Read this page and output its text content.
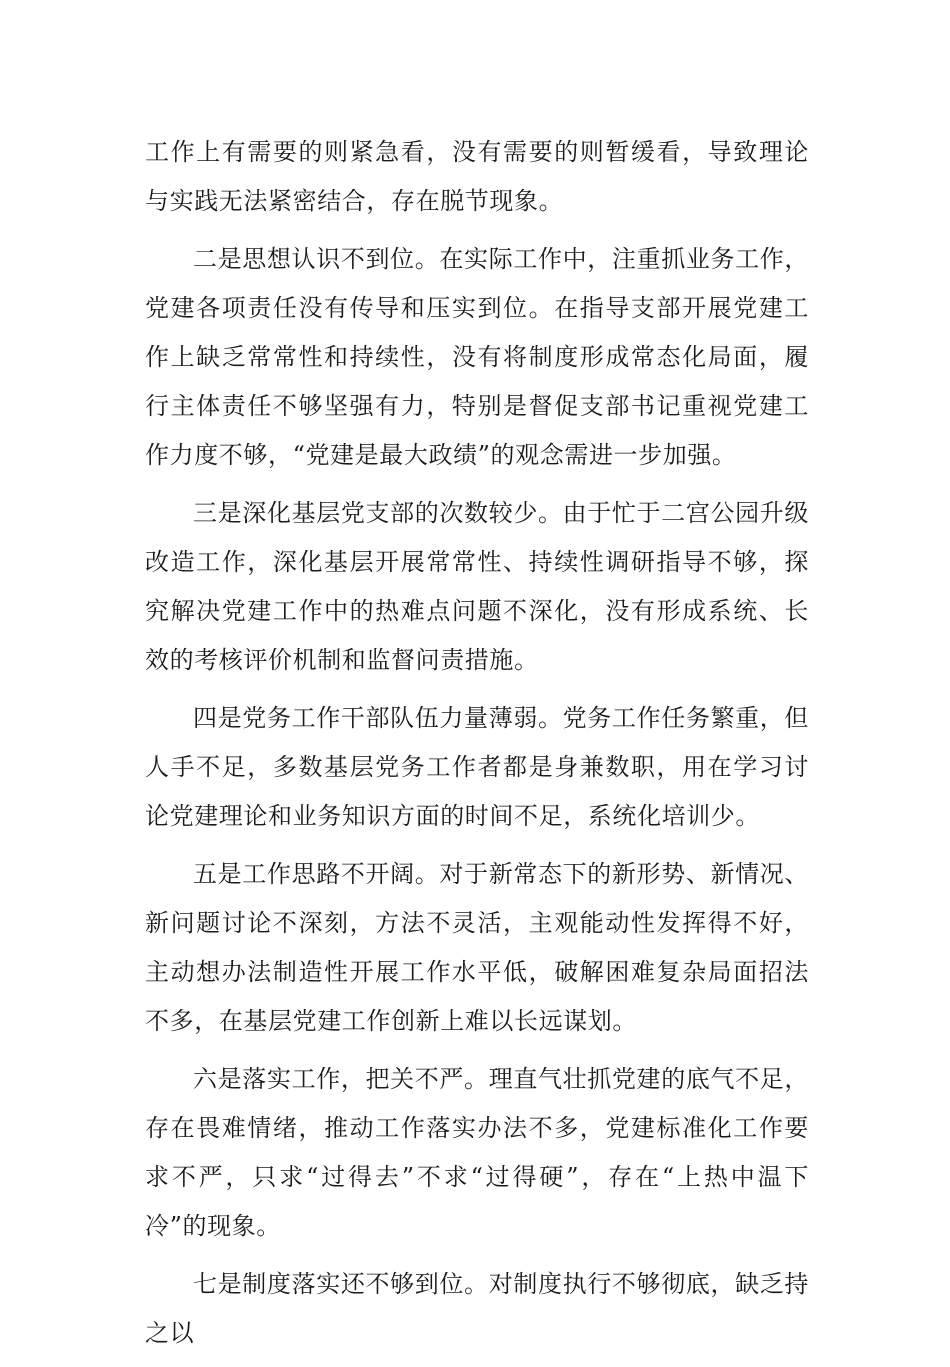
工作上有需要的则紧急看，没有需要的则暂缓看，导致理论与实践无法紧密结合，存在脱节现象。

二是思想认识不到位。在实际工作中，注重抓业务工作，党建各项责任没有传导和压实到位。在指导支部开展党建工作上缺乏常常性和持续性，没有将制度形成常态化局面，履行主体责任不够坚强有力，特别是督促支部书记重视党建工作力度不够，“党建是最大政绩”的观念需进一步加强。

三是深化基层党支部的次数较少。由于忙于二宫公园升级改造工作，深化基层开展常常性、持续性调研指导不够，探究解决党建工作中的热难点问题不深化，没有形成系统、长效的考核评价机制和监督问责措施。

四是党务工作干部队伍力量薄弱。党务工作任务繁重，但人手不足，多数基层党务工作者都是身兼数职，用在学习讨论党建理论和业务知识方面的时间不足，系统化培训少。

五是工作思路不开阔。对于新常态下的新形势、新情况、新问题讨论不深刻，方法不灵活，主观能动性发挥得不好，主动想办法制造性开展工作水平低，破解困难复杂局面招法不多，在基层党建工作创新上难以长远谋划。

六是落实工作，把关不严。理直气壮抓党建的底气不足，存在畏难情绪，推动工作落实办法不多，党建标准化工作要求不严，只求“过得去”不求“过得硬”，存在“上热中温下冷”的现象。

七是制度落实还不够到位。对制度执行不够彻底，缺乏持之以
